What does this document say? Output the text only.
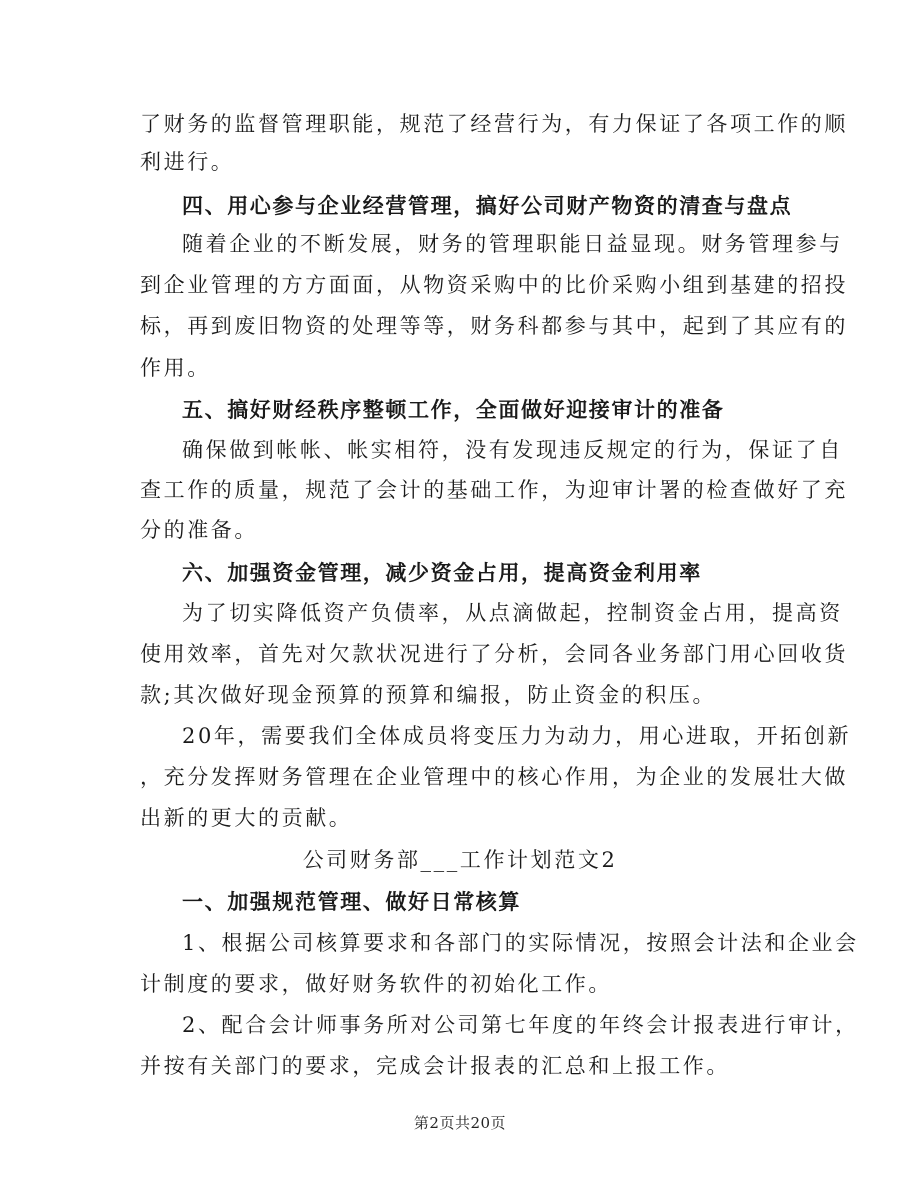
了财务的监督管理职能，规范了经营行为，有力保证了各项工作的顺
利进行。
四、用心参与企业经营管理，搞好公司财产物资的清查与盘点
随着企业的不断发展，财务的管理职能日益显现。财务管理参与
到企业管理的方方面面，从物资采购中的比价采购小组到基建的招投
标，再到废旧物资的处理等等，财务科都参与其中，起到了其应有的
作用。
五、搞好财经秩序整顿工作，全面做好迎接审计的准备
确保做到帐帐、帐实相符，没有发现违反规定的行为，保证了自
查工作的质量，规范了会计的基础工作，为迎审计署的检查做好了充
分的准备。
六、加强资金管理，减少资金占用，提高资金利用率
为了切实降低资产负债率，从点滴做起，控制资金占用，提高资
使用效率，首先对欠款状况进行了分析，会同各业务部门用心回收货
款;其次做好现金预算的预算和编报，防止资金的积压。
20年，需要我们全体成员将变压力为动力，用心进取，开拓创新
，充分发挥财务管理在企业管理中的核心作用，为企业的发展壮大做
出新的更大的贡献。
公司财务部___工作计划范文2
一、加强规范管理、做好日常核算
1、根据公司核算要求和各部门的实际情况，按照会计法和企业会
计制度的要求，做好财务软件的初始化工作。
2、配合会计师事务所对公司第七年度的年终会计报表进行审计，
并按有关部门的要求，完成会计报表的汇总和上报工作。
第2页共20页
